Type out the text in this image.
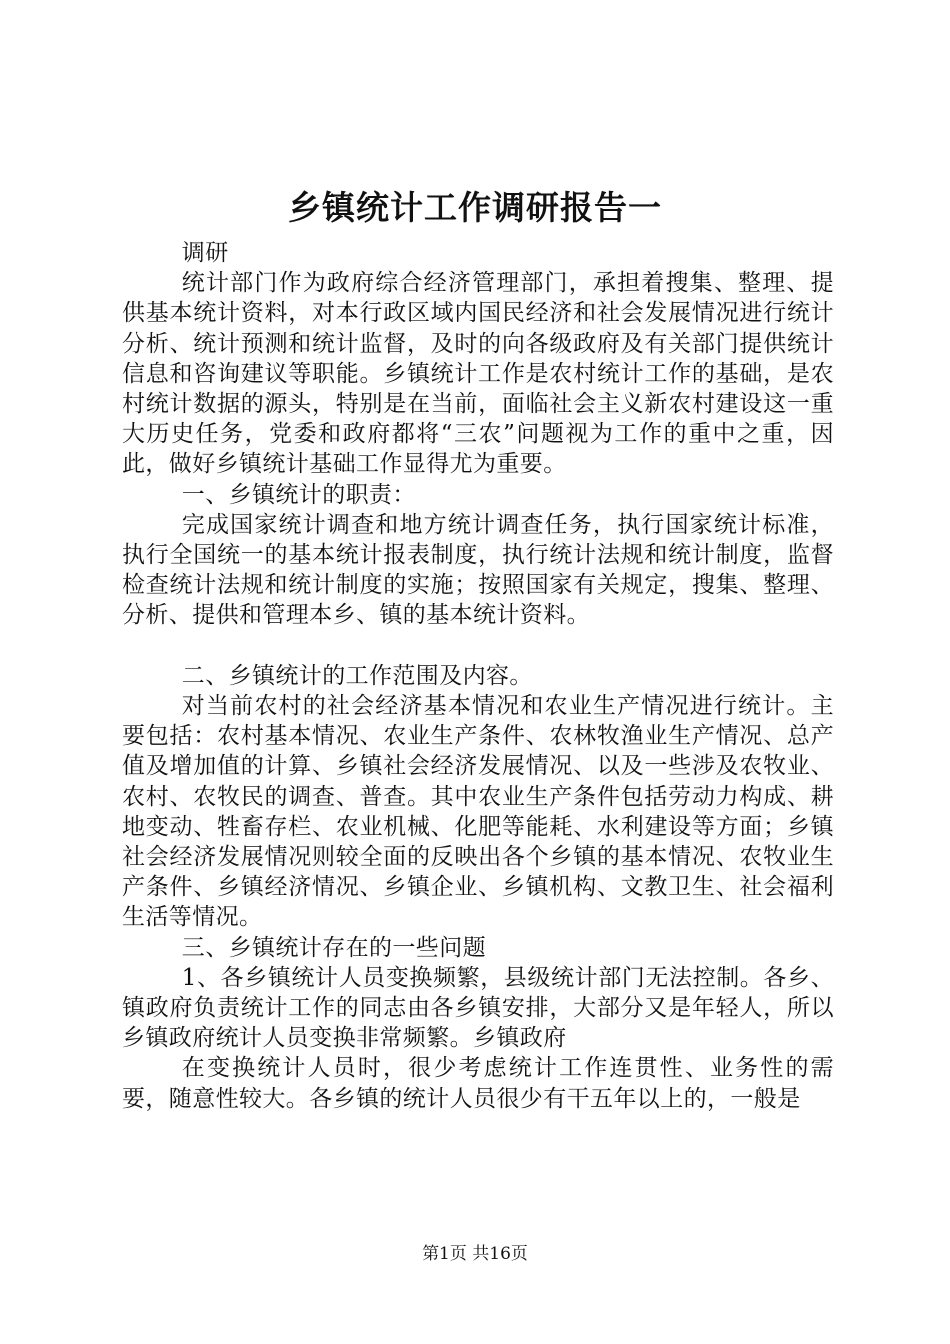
乡镇统计工作调研报告一

调研

统计部门作为政府综合经济管理部门，承担着搜集、整理、提供基本统计资料，对本行政区域内国民经济和社会发展情况进行统计分析、统计预测和统计监督，及时的向各级政府及有关部门提供统计信息和咨询建议等职能。乡镇统计工作是农村统计工作的基础，是农村统计数据的源头，特别是在当前，面临社会主义新农村建设这一重大历史任务，党委和政府都将“三农”问题视为工作的重中之重，因此，做好乡镇统计基础工作显得尤为重要。

一、乡镇统计的职责：

完成国家统计调查和地方统计调查任务，执行国家统计标准，执行全国统一的基本统计报表制度，执行统计法规和统计制度，监督检查统计法规和统计制度的实施；按照国家有关规定，搜集、整理、分析、提供和管理本乡、镇的基本统计资料。

二、乡镇统计的工作范围及内容。

对当前农村的社会经济基本情况和农业生产情况进行统计。主要包括：农村基本情况、农业生产条件、农林牧渔业生产情况、总产值及增加值的计算、乡镇社会经济发展情况、以及一些涉及农牧业、农村、农牧民的调查、普查。其中农业生产条件包括劳动力构成、耕地变动、牲畜存栏、农业机械、化肥等能耗、水利建设等方面；乡镇社会经济发展情况则较全面的反映出各个乡镇的基本情况、农牧业生产条件、乡镇经济情况、乡镇企业、乡镇机构、文教卫生、社会福利生活等情况。

三、乡镇统计存在的一些问题

1、各乡镇统计人员变换频繁，县级统计部门无法控制。各乡、镇政府负责统计工作的同志由各乡镇安排，大部分又是年轻人，所以乡镇政府统计人员变换非常频繁。乡镇政府

在变换统计人员时，很少考虑统计工作连贯性、业务性的需要，随意性较大。各乡镇的统计人员很少有干五年以上的，一般是

第1页 共16页
